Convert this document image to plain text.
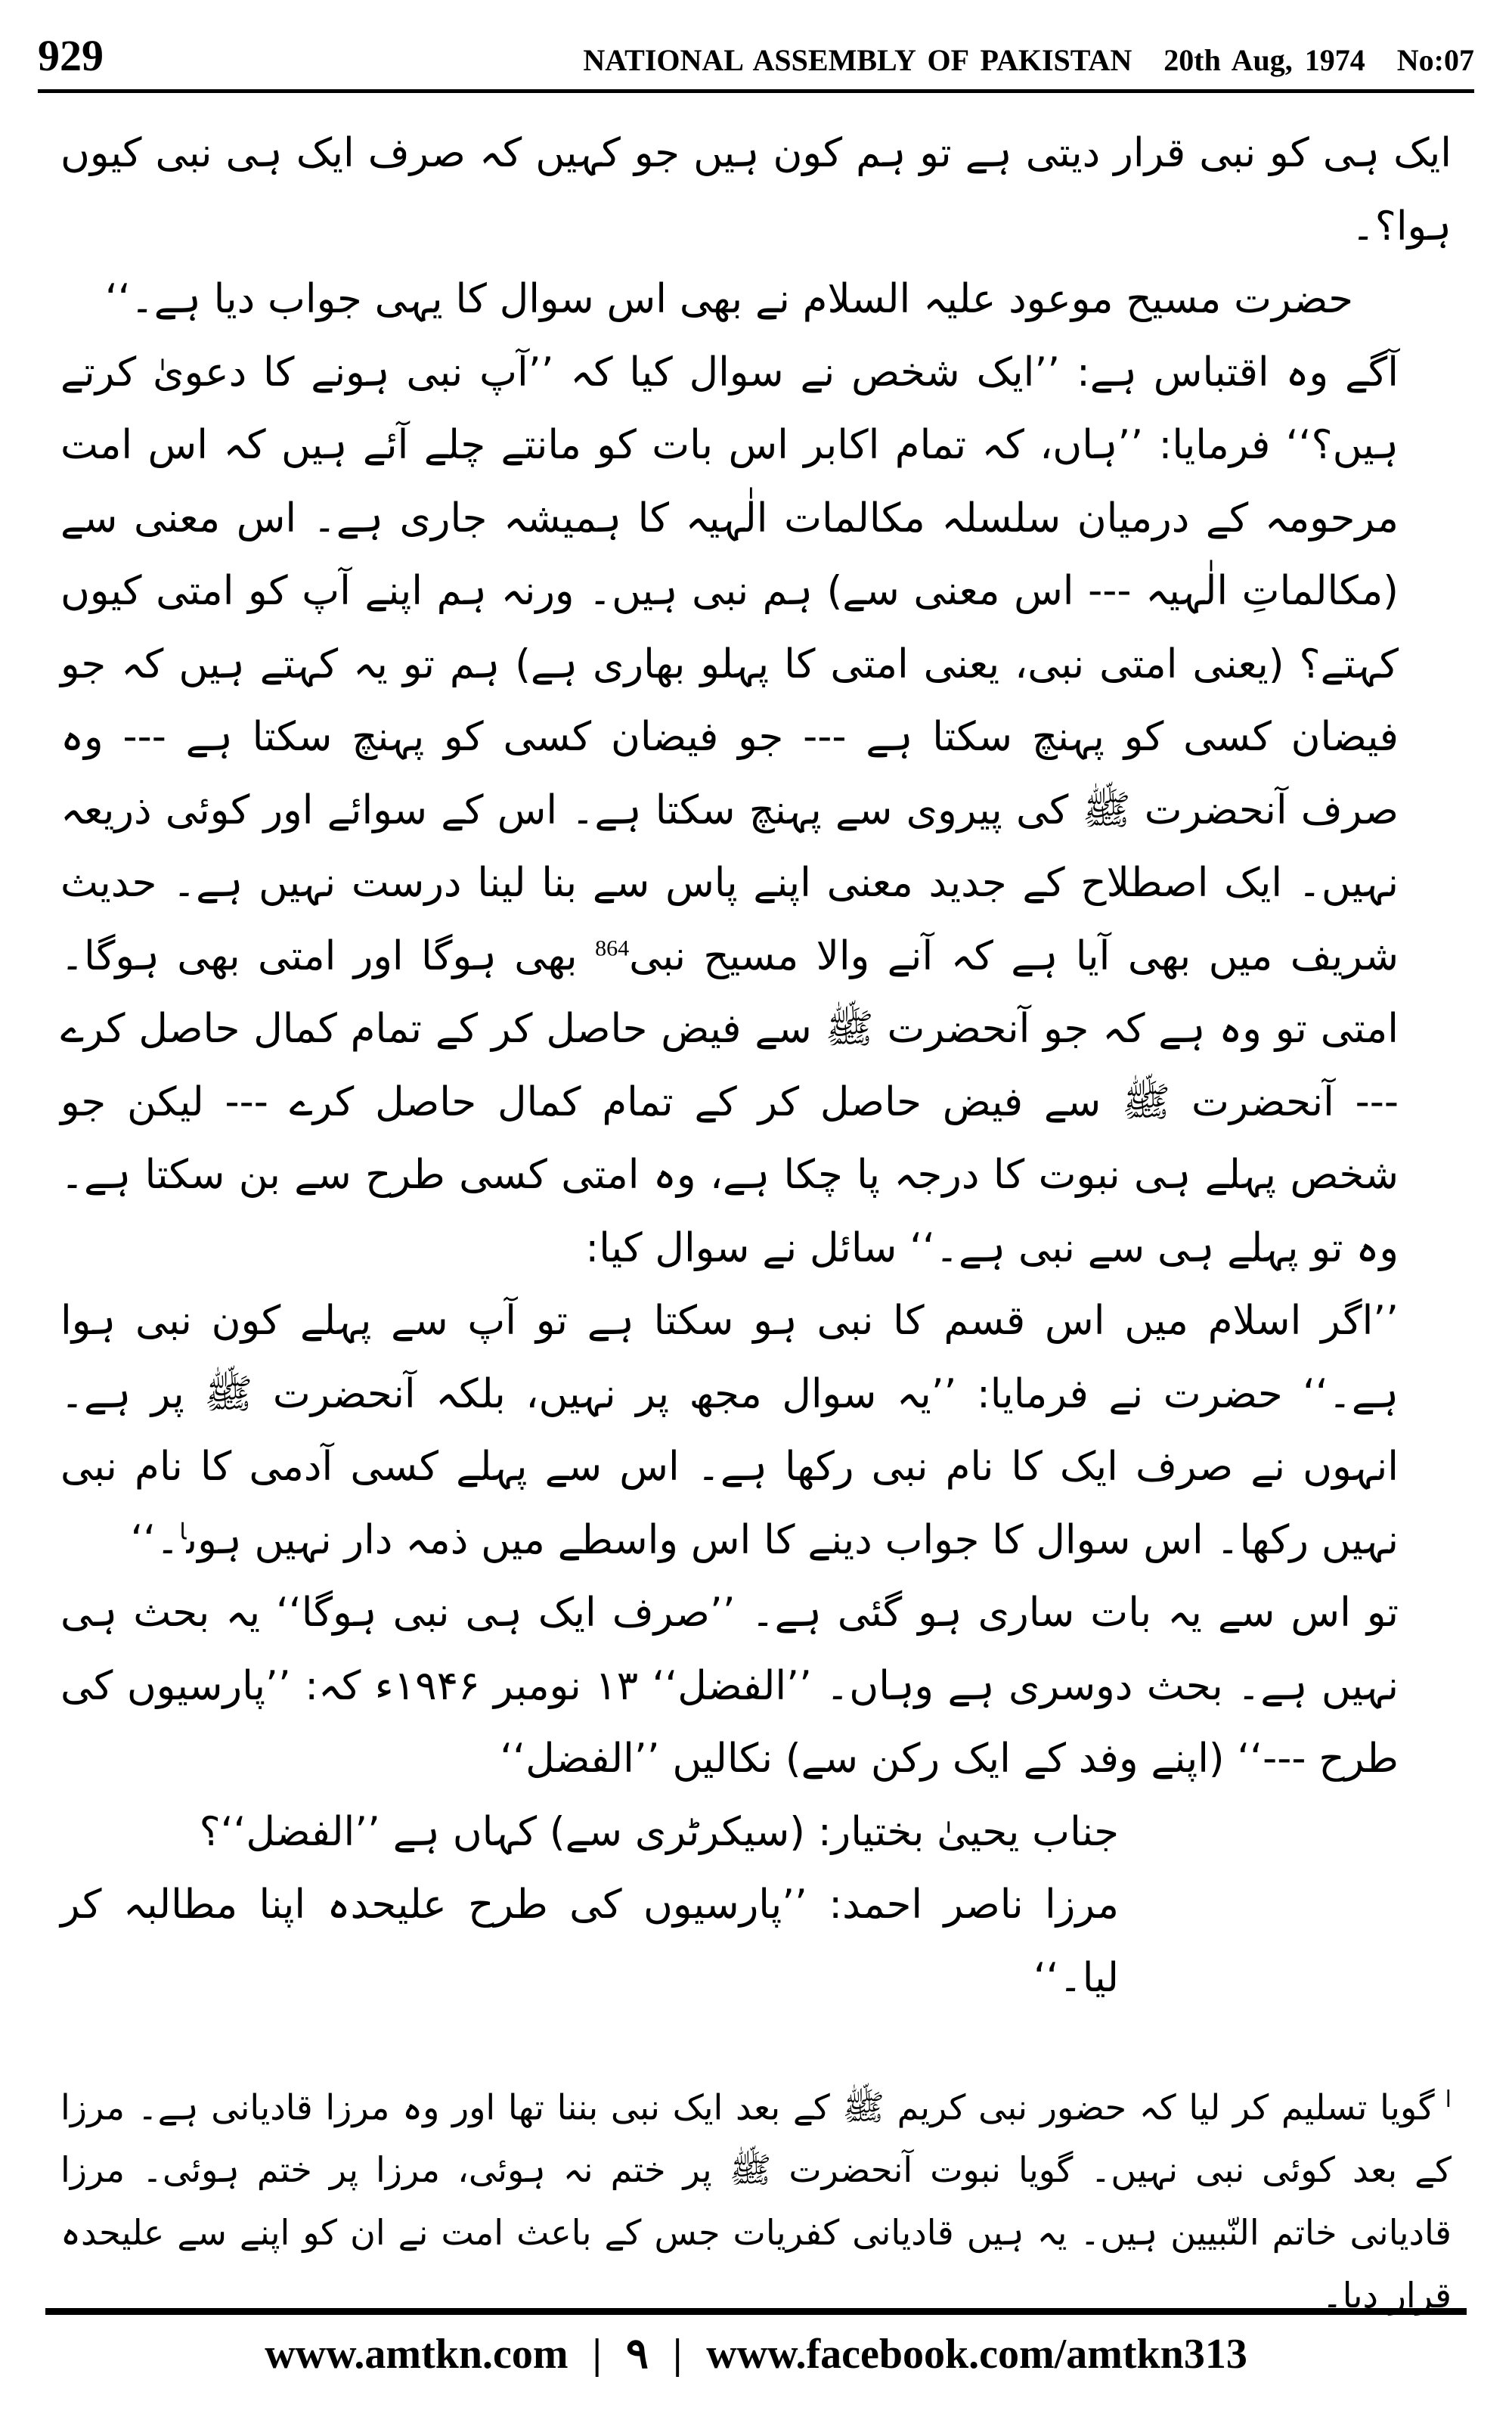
929	NATIONAL ASSEMBLY OF PAKISTAN 20th Aug, 1974 No:07

ایک ہی کو نبی قرار دیتی ہے تو ہم کون ہیں جو کہیں کہ صرف ایک ہی نبی کیوں ہوا؟۔

حضرت مسیح موعود علیہ السلام نے بھی اس سوال کا یہی جواب دیا ہے۔‘‘

آگے وہ اقتباس ہے: ’’ایک شخص نے سوال کیا کہ ’’آپ نبی ہونے کا دعویٰ کرتے ہیں؟‘‘ فرمایا: ’’ہاں، کہ تمام اکابر اس بات کو مانتے چلے آئے ہیں کہ اس امت مرحومہ کے درمیان سلسلہ مکالمات الٰہیہ کا ہمیشہ جاری ہے۔ اس معنی سے (مکالماتِ الٰہیہ --- اس معنی سے) ہم نبی ہیں۔ ورنہ ہم اپنے آپ کو امتی کیوں کہتے؟ (یعنی امتی نبی، یعنی امتی کا پہلو بھاری ہے) ہم تو یہ کہتے ہیں کہ جو فیضان کسی کو پہنچ سکتا ہے --- جو فیضان کسی کو پہنچ سکتا ہے --- وہ صرف آنحضرت ﷺ کی پیروی سے پہنچ سکتا ہے۔ اس کے سوائے اور کوئی ذریعہ نہیں۔ ایک اصطلاح کے جدید معنی اپنے پاس سے بنا لینا درست نہیں ہے۔ حدیث شریف میں بھی آیا ہے کہ آنے والا مسیح نبی$^{864}$ بھی ہوگا اور امتی بھی ہوگا۔ امتی تو وہ ہے کہ جو آنحضرت ﷺ سے فیض حاصل کر کے تمام کمال حاصل کرے --- آنحضرت ﷺ سے فیض حاصل کر کے تمام کمال حاصل کرے --- لیکن جو شخص پہلے ہی نبوت کا درجہ پا چکا ہے، وہ امتی کسی طرح سے بن سکتا ہے۔ وہ تو پہلے ہی سے نبی ہے۔‘‘ سائل نے سوال کیا:

’’اگر اسلام میں اس قسم کا نبی ہو سکتا ہے تو آپ سے پہلے کون نبی ہوا ہے۔‘‘ حضرت نے فرمایا: ’’یہ سوال مجھ پر نہیں، بلکہ آنحضرت ﷺ پر ہے۔ انہوں نے صرف ایک کا نام نبی رکھا ہے۔ اس سے پہلے کسی آدمی کا نام نبی نہیں رکھا۔ اس سوال کا جواب دینے کا اس واسطے میں ذمہ دار نہیں ہوں$^ا$۔‘‘

تو اس سے یہ بات ساری ہو گئی ہے۔ ’’صرف ایک ہی نبی ہوگا‘‘ یہ بحث ہی نہیں ہے۔ بحث دوسری ہے وہاں۔ ’’الفضل‘‘ ۱۳ نومبر ۱۹۴۶ء کہ: ’’پارسیوں کی طرح ---‘‘ (اپنے وفد کے ایک رکن سے) نکالیں ’’الفضل‘‘

جناب یحییٰ بختیار: (سیکرٹری سے) کہاں ہے ’’الفضل‘‘؟

مرزا ناصر احمد: ’’پارسیوں کی طرح علیحدہ اپنا مطالبہ کر لیا۔‘‘

$^ا$گویا تسلیم کر لیا کہ حضور نبی کریم ﷺ کے بعد ایک نبی بننا تھا اور وہ مرزا قادیانی ہے۔ مرزا کے بعد کوئی نبی نہیں۔ گویا نبوت آنحضرت ﷺ پر ختم نہ ہوئی، مرزا پر ختم ہوئی۔ مرزا قادیانی خاتم النّبیین ہیں۔ یہ ہیں قادیانی کفریات جس کے باعث امت نے ان کو اپنے سے علیحدہ قرار دیا۔

www.amtkn.com | ۹ | www.facebook.com/amtkn313
